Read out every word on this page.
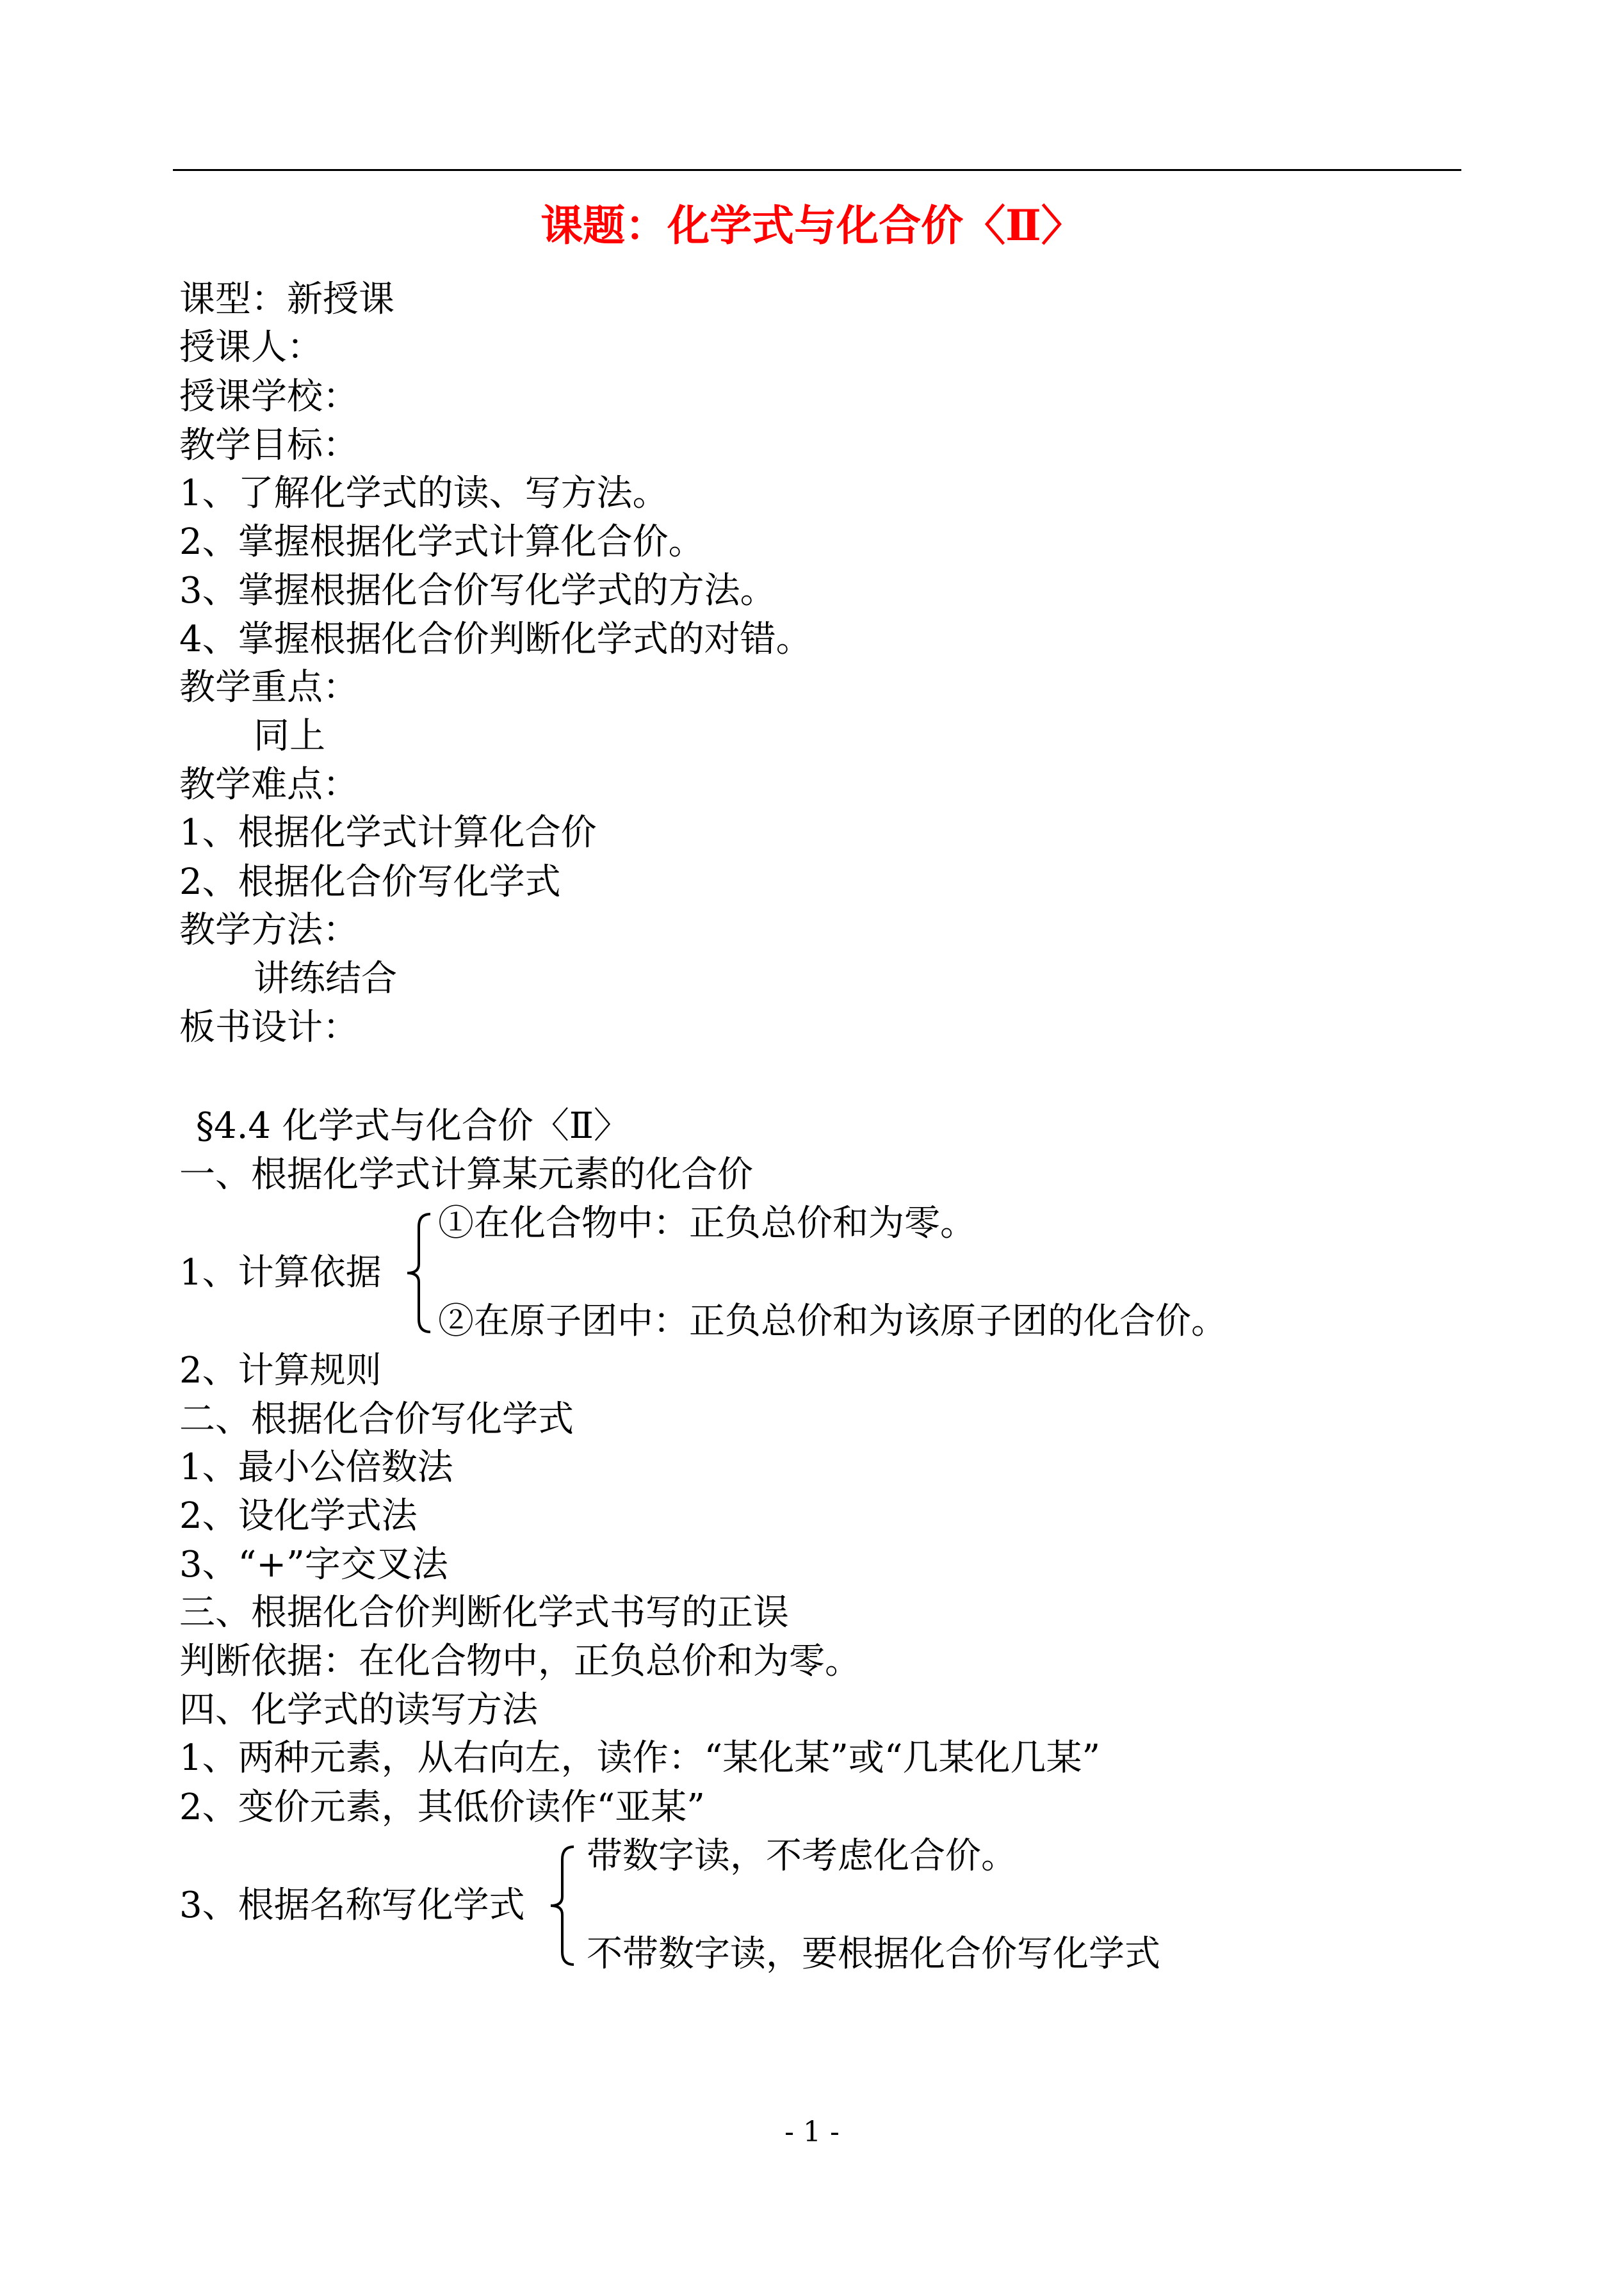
课题：化学式与化合价〈Ⅱ〉
课型：新授课
授课人：
授课学校：
教学目标：
1、了解化学式的读、写方法。
2、掌握根据化学式计算化合价。
3、掌握根据化合价写化学式的方法。
4、掌握根据化合价判断化学式的对错。
教学重点：
同上
教学难点：
1、根据化学式计算化合价
2、根据化合价写化学式
教学方法：
讲练结合
板书设计：
§4.4 化学式与化合价〈Ⅱ〉
一、根据化学式计算某元素的化合价
1、计算依据
①在化合物中：正负总价和为零。
②在原子团中：正负总价和为该原子团的化合价。
2、计算规则
二、根据化合价写化学式
1、最小公倍数法
2、设化学式法
3、“+”字交叉法
三、根据化合价判断化学式书写的正误
判断依据：在化合物中，正负总价和为零。
四、化学式的读写方法
1、两种元素，从右向左，读作：“某化某”或“几某化几某”
2、变价元素，其低价读作“亚某”
3、根据名称写化学式
带数字读，不考虑化合价。
不带数字读，要根据化合价写化学式
- 1 -
